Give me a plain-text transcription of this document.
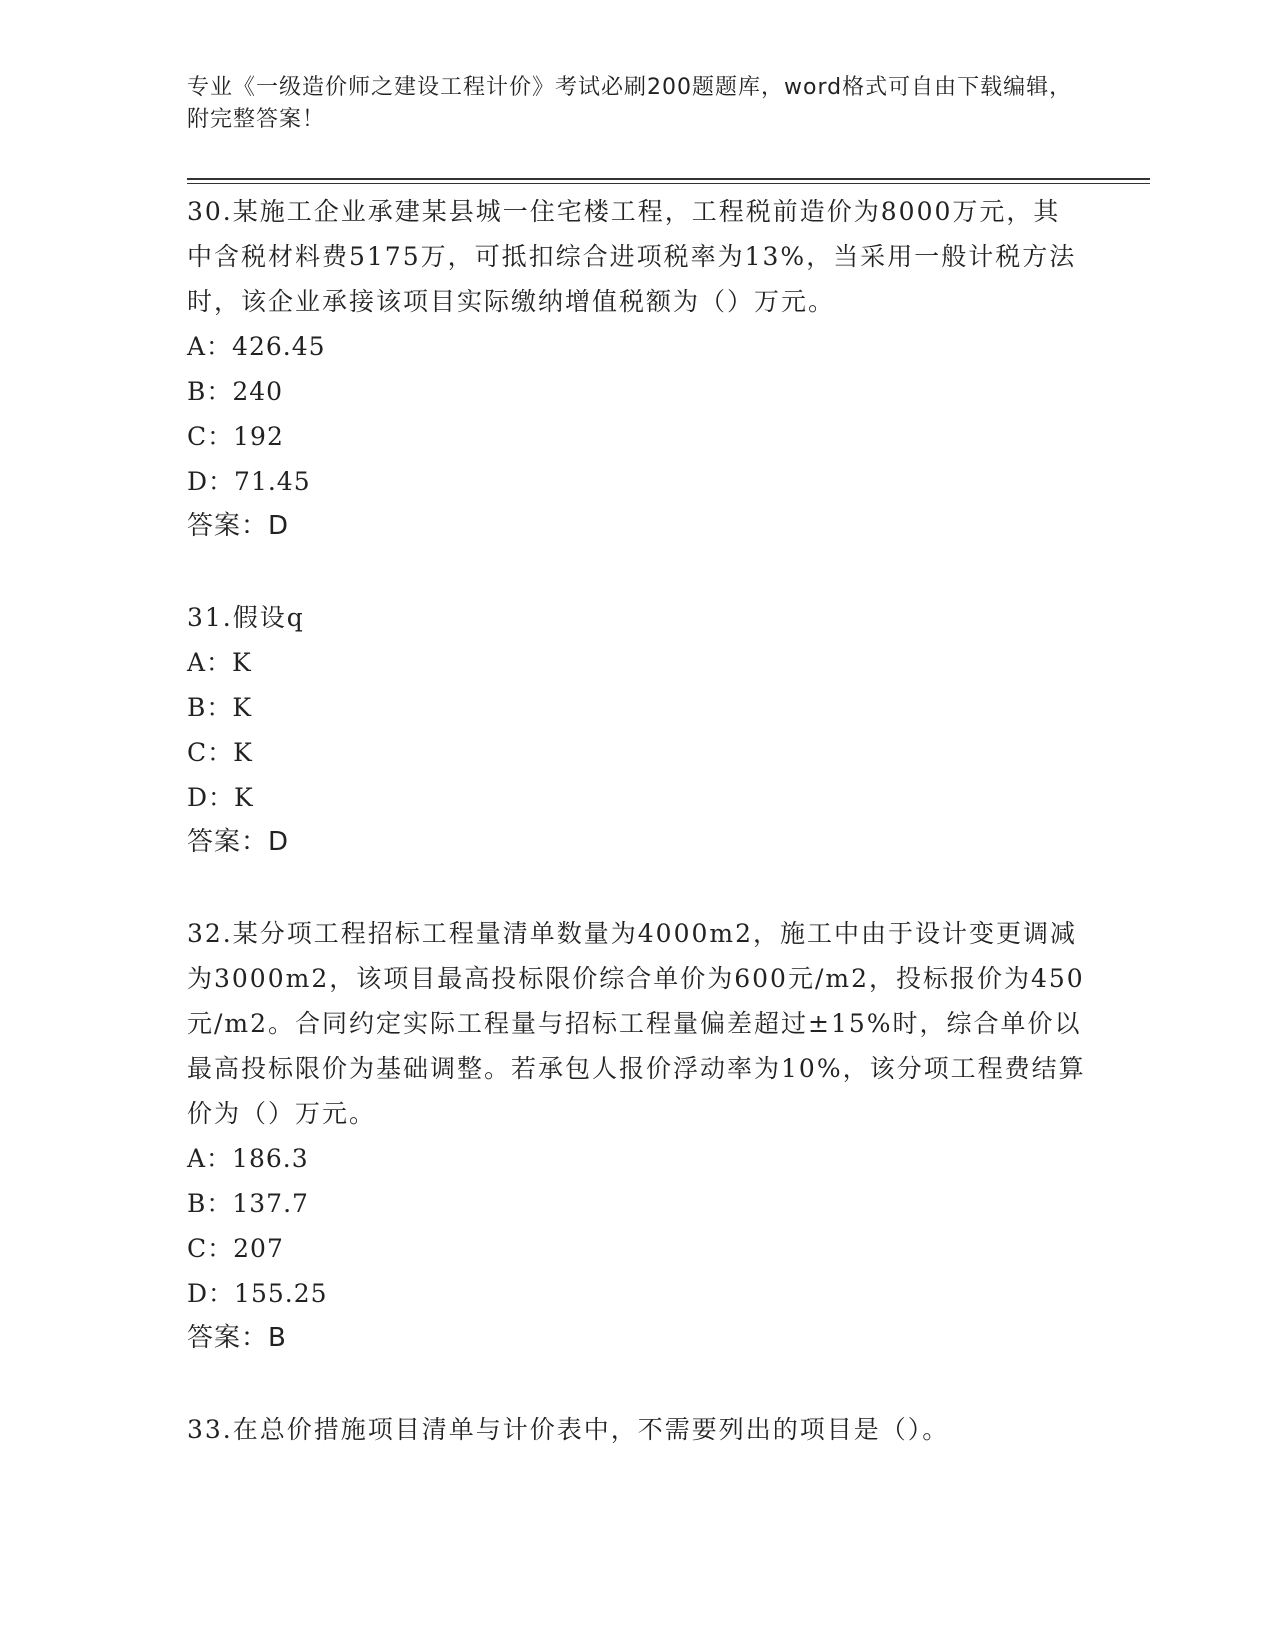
专业《一级造价师之建设工程计价》考试必刷200题题库，word格式可自由下载编辑，附完整答案！
30.某施工企业承建某县城一住宅楼工程，工程税前造价为8000万元，其中含税材料费5175万，可抵扣综合进项税率为13%，当采用一般计税方法时，该企业承接该项目实际缴纳增值税额为（）万元。
A：426.45
B：240
C：192
D：71.45
答案：D
31.假设q
A：K
B：K
C：K
D：K
答案：D
32.某分项工程招标工程量清单数量为4000m2，施工中由于设计变更调减为3000m2，该项目最高投标限价综合单价为600元/m2，投标报价为450元/m2。合同约定实际工程量与招标工程量偏差超过±15%时，综合单价以最高投标限价为基础调整。若承包人报价浮动率为10%，该分项工程费结算价为（）万元。
A：186.3
B：137.7
C：207
D：155.25
答案：B
33.在总价措施项目清单与计价表中，不需要列出的项目是（）。
